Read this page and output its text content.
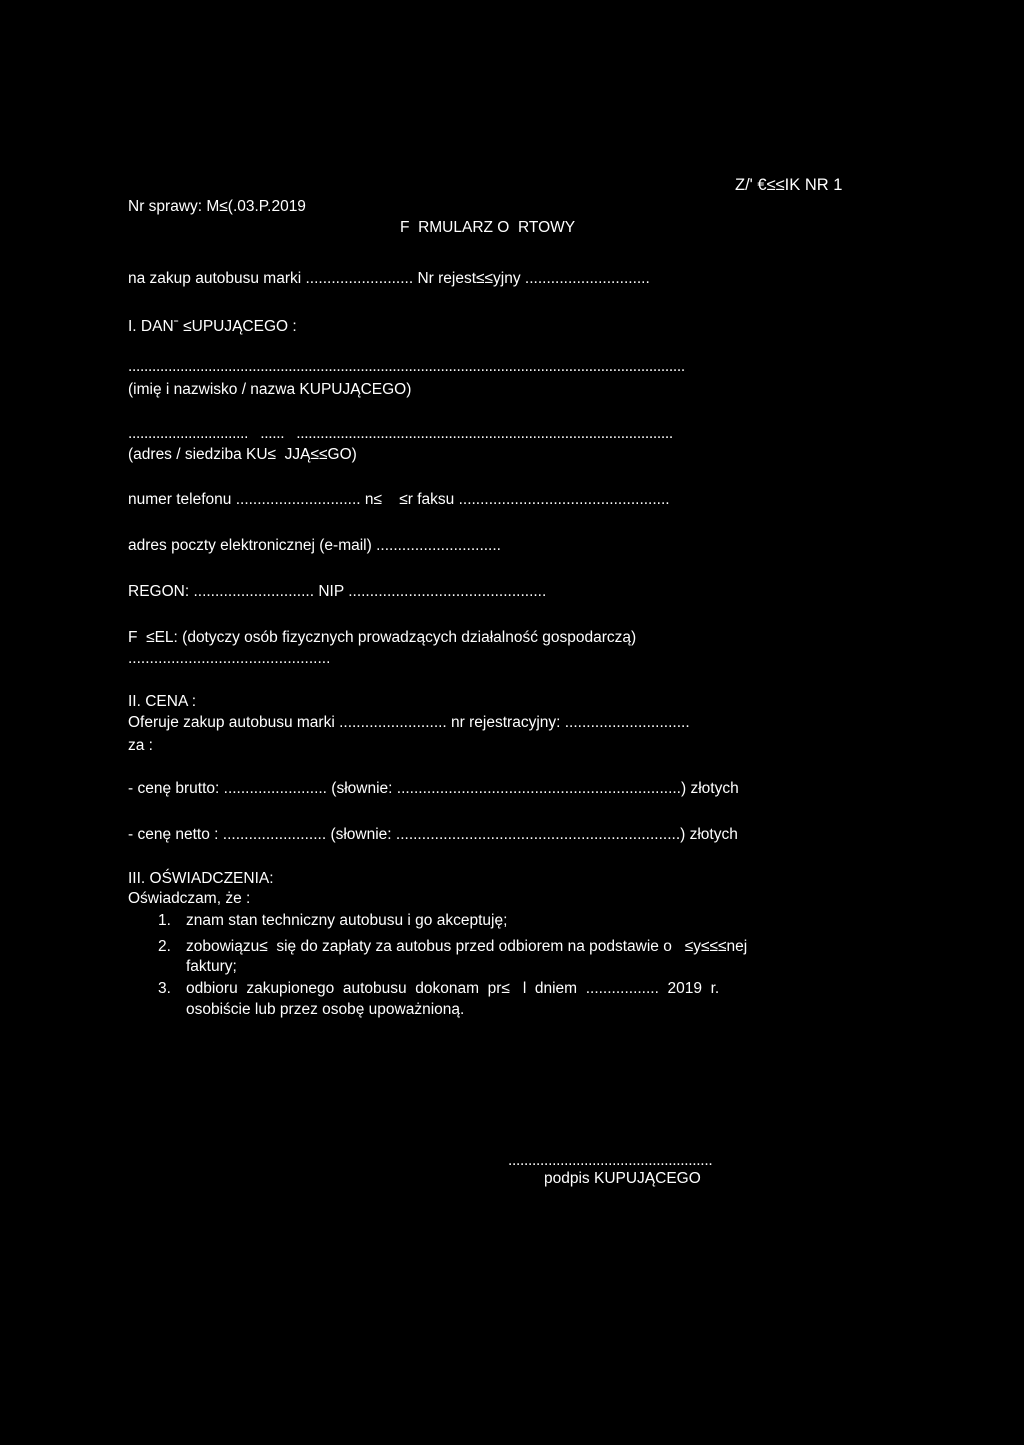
Nr sprawy: M≤(.03.P.2019
Z/' €≤≤IK NR 1
F  RMULARZ O  RTOWY
na zakup autobusu marki ......................... Nr rejest≤≤yjny .............................
I. DANˉ ≤UPUJĄCEGO :
...........................................................................................................................................
(imię i nazwisko / nazwa KUPUJĄCEGO)
..............................   ......   ..............................................................................................
(adres / siedziba KU≤  JJĄ≤≤GO)
numer telefonu ............................. n≤    ≤r faksu .................................................
adres poczty elektronicznej (e-mail) .............................
REGON: ............................ NIP ..............................................
F  ≤EL: (dotyczy osób fizycznych prowadzących działalność gospodarczą)
...............................................
II. CENA :
Oferuje zakup autobusu marki ......................... nr rejestracyjny: .............................
za :
- cenę brutto: ........................ (słownie: ..................................................................) złotych
- cenę netto : ........................ (słownie: ..................................................................) złotych
III. OŚWIADCZENIA:
Oświadczam, że :
1. znam stan techniczny autobusu i go akceptuję;
2. zobowiązu≤  się do zapłaty za autobus przed odbiorem na podstawie o   ≤y≤≤≤nej
faktury;
3. odbioru  zakupionego  autobusu  dokonam  pr≤   l  dniem  .................  2019  r.
osobiście lub przez osobę upoważnioną.
...................................................
podpis KUPUJĄCEGO
